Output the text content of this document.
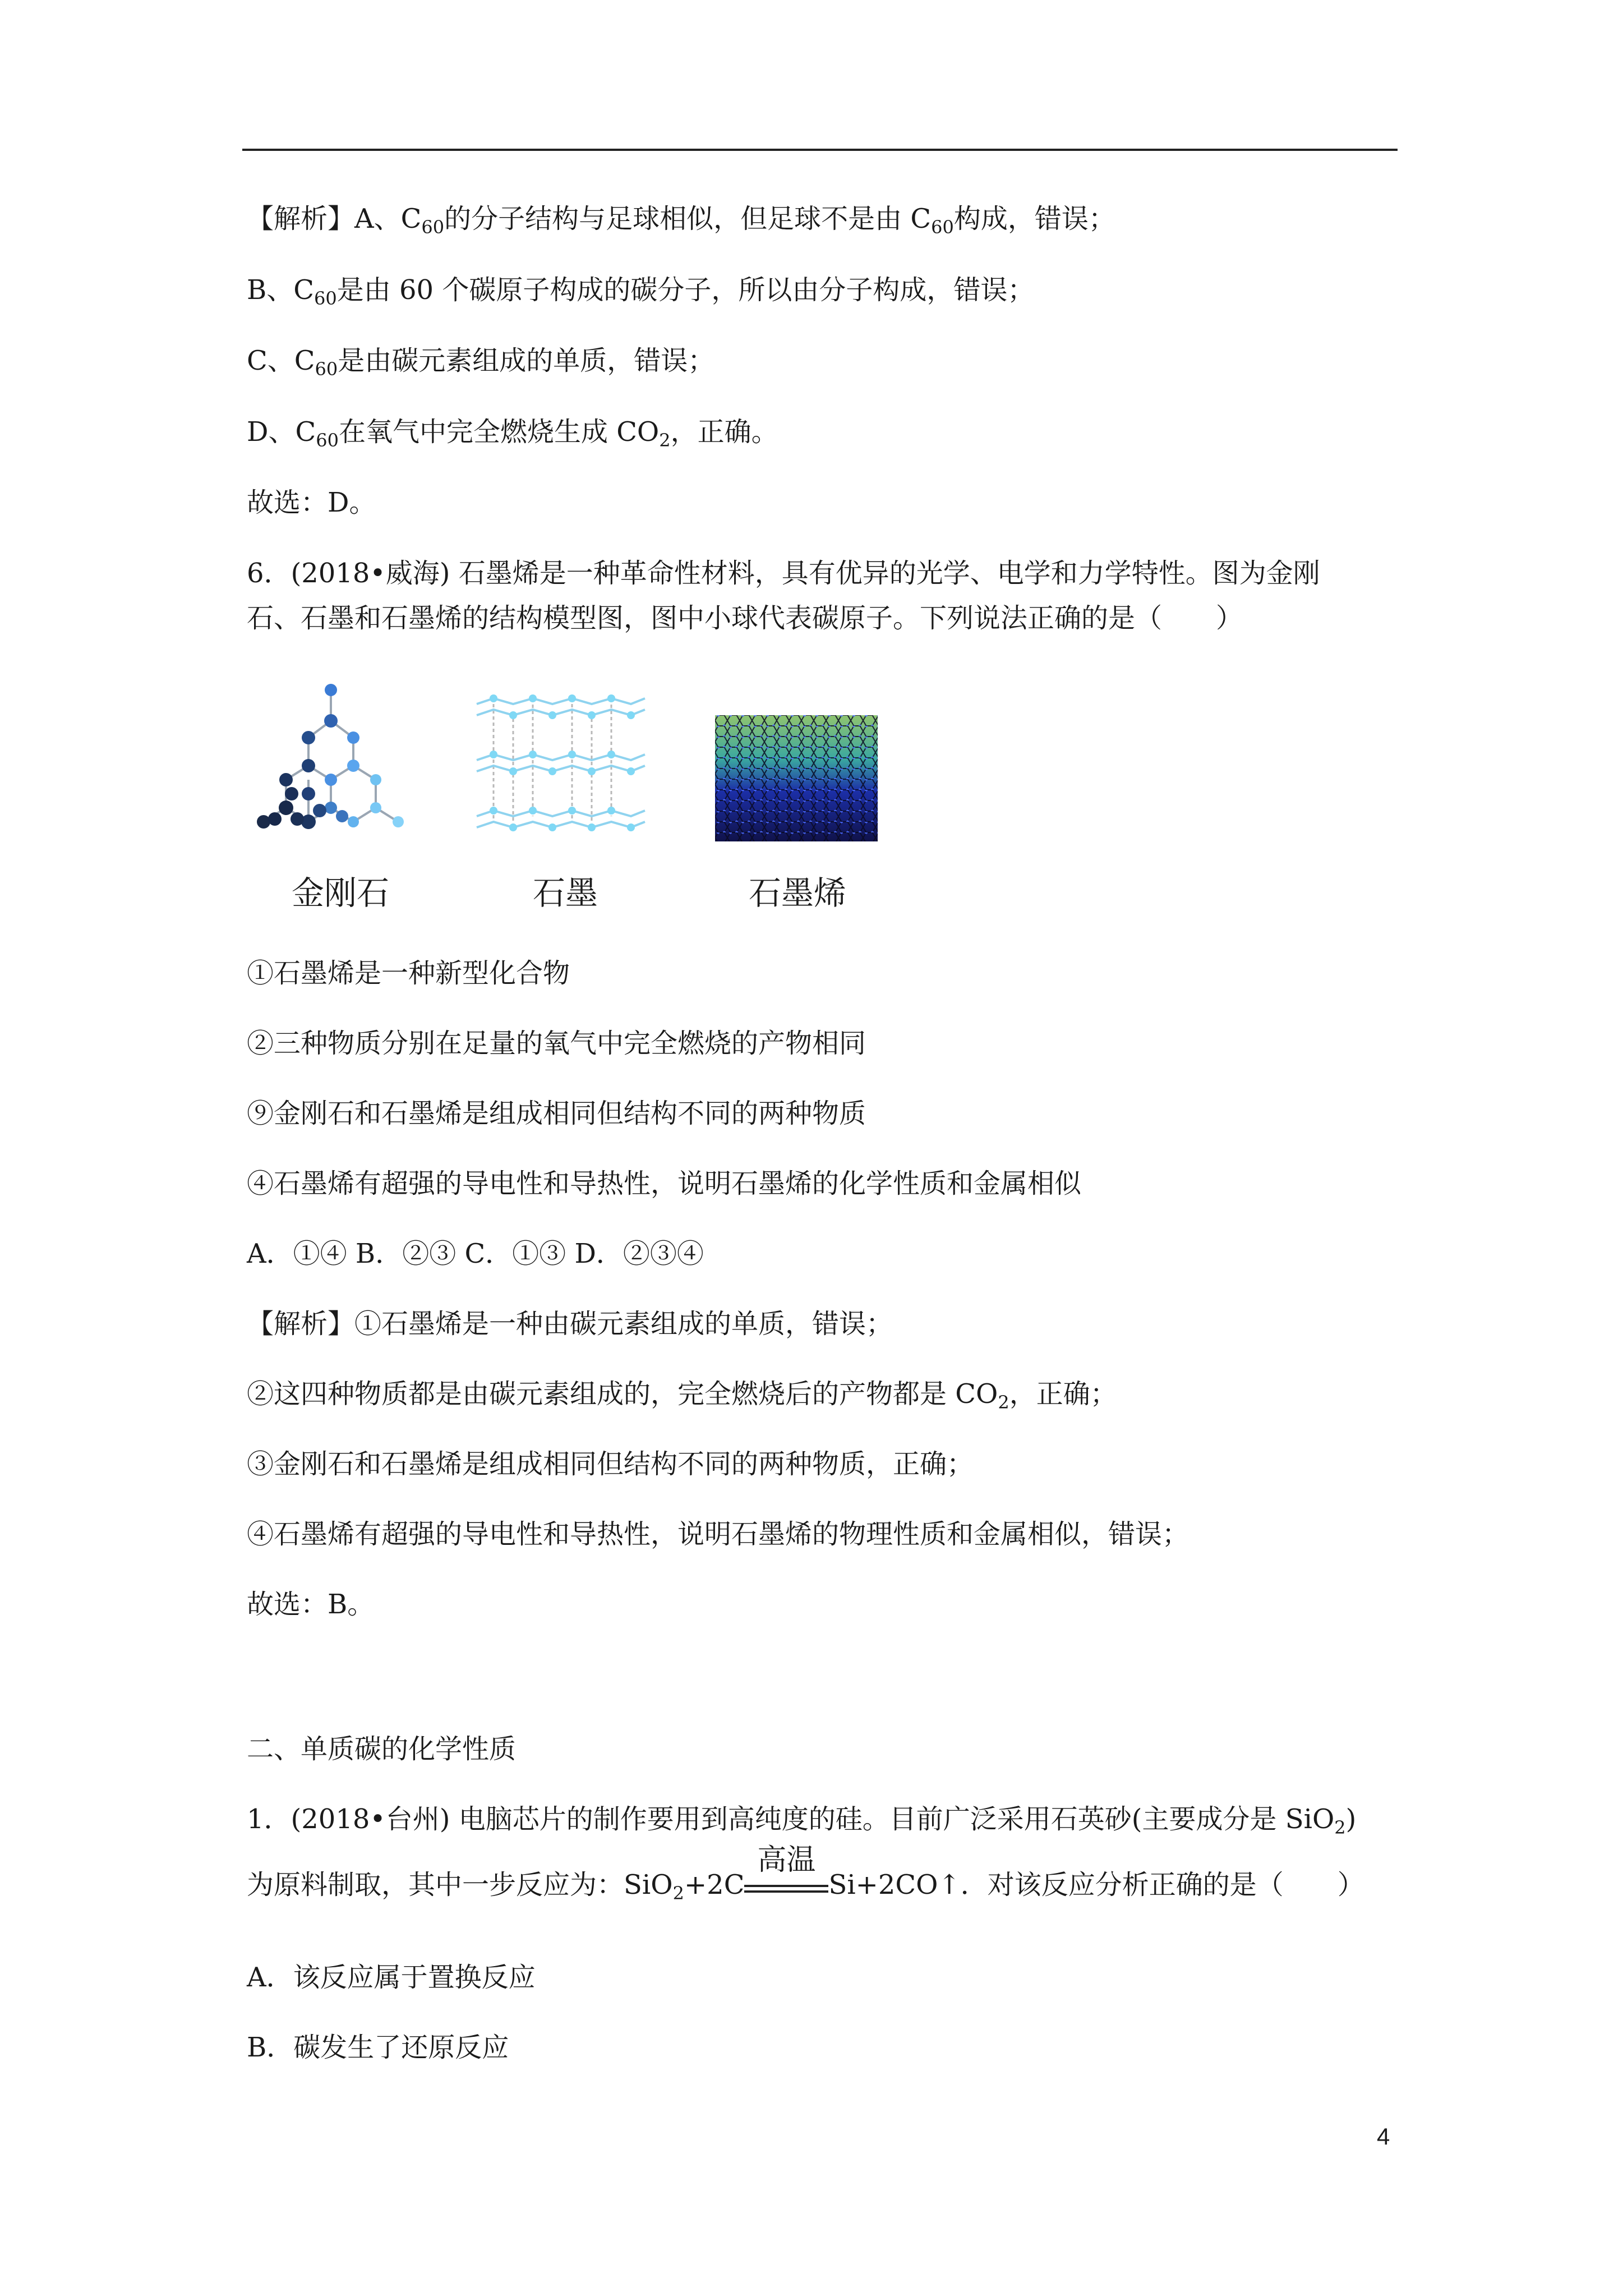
【解析】A、$C_{60}$的分子结构与足球相似，但足球不是由 $C_{60}$构成，错误；
B、$C_{60}$是由 60 个碳原子构成的碳分子，所以由分子构成，错误；
C、$C_{60}$是由碳元素组成的单质，错误；
D、$C_{60}$在氧气中完全燃烧生成 $CO_2$，正确。
故选：D。
6．(2018•威海) 石墨烯是一种革命性材料，具有优异的光学、电学和力学特性。图为金刚
石、石墨和石墨烯的结构模型图，图中小球代表碳原子。下列说法正确的是（　　）
金刚石	石墨	石墨烯
①石墨烯是一种新型化合物
②三种物质分别在足量的氧气中完全燃烧的产物相同
⑨金刚石和石墨烯是组成相同但结构不同的两种物质
④石墨烯有超强的导电性和导热性，说明石墨烯的化学性质和金属相似
A．①④ B．②③ C．①③ D．②③④
【解析】①石墨烯是一种由碳元素组成的单质，错误；
②这四种物质都是由碳元素组成的，完全燃烧后的产物都是 $CO_2$，正确；
③金刚石和石墨烯是组成相同但结构不同的两种物质，正确；
④石墨烯有超强的导电性和导热性，说明石墨烯的物理性质和金属相似，错误；
故选：B。
二、单质碳的化学性质
1．(2018•台州) 电脑芯片的制作要用到高纯度的硅。目前广泛采用石英砂(主要成分是 SiO$_2$)
为原料制取，其中一步反应为：SiO$_2$+2C
高温
Si+2CO↑．对该反应分析正确的是（　　）
A．该反应属于置换反应
B．碳发生了还原反应
4
